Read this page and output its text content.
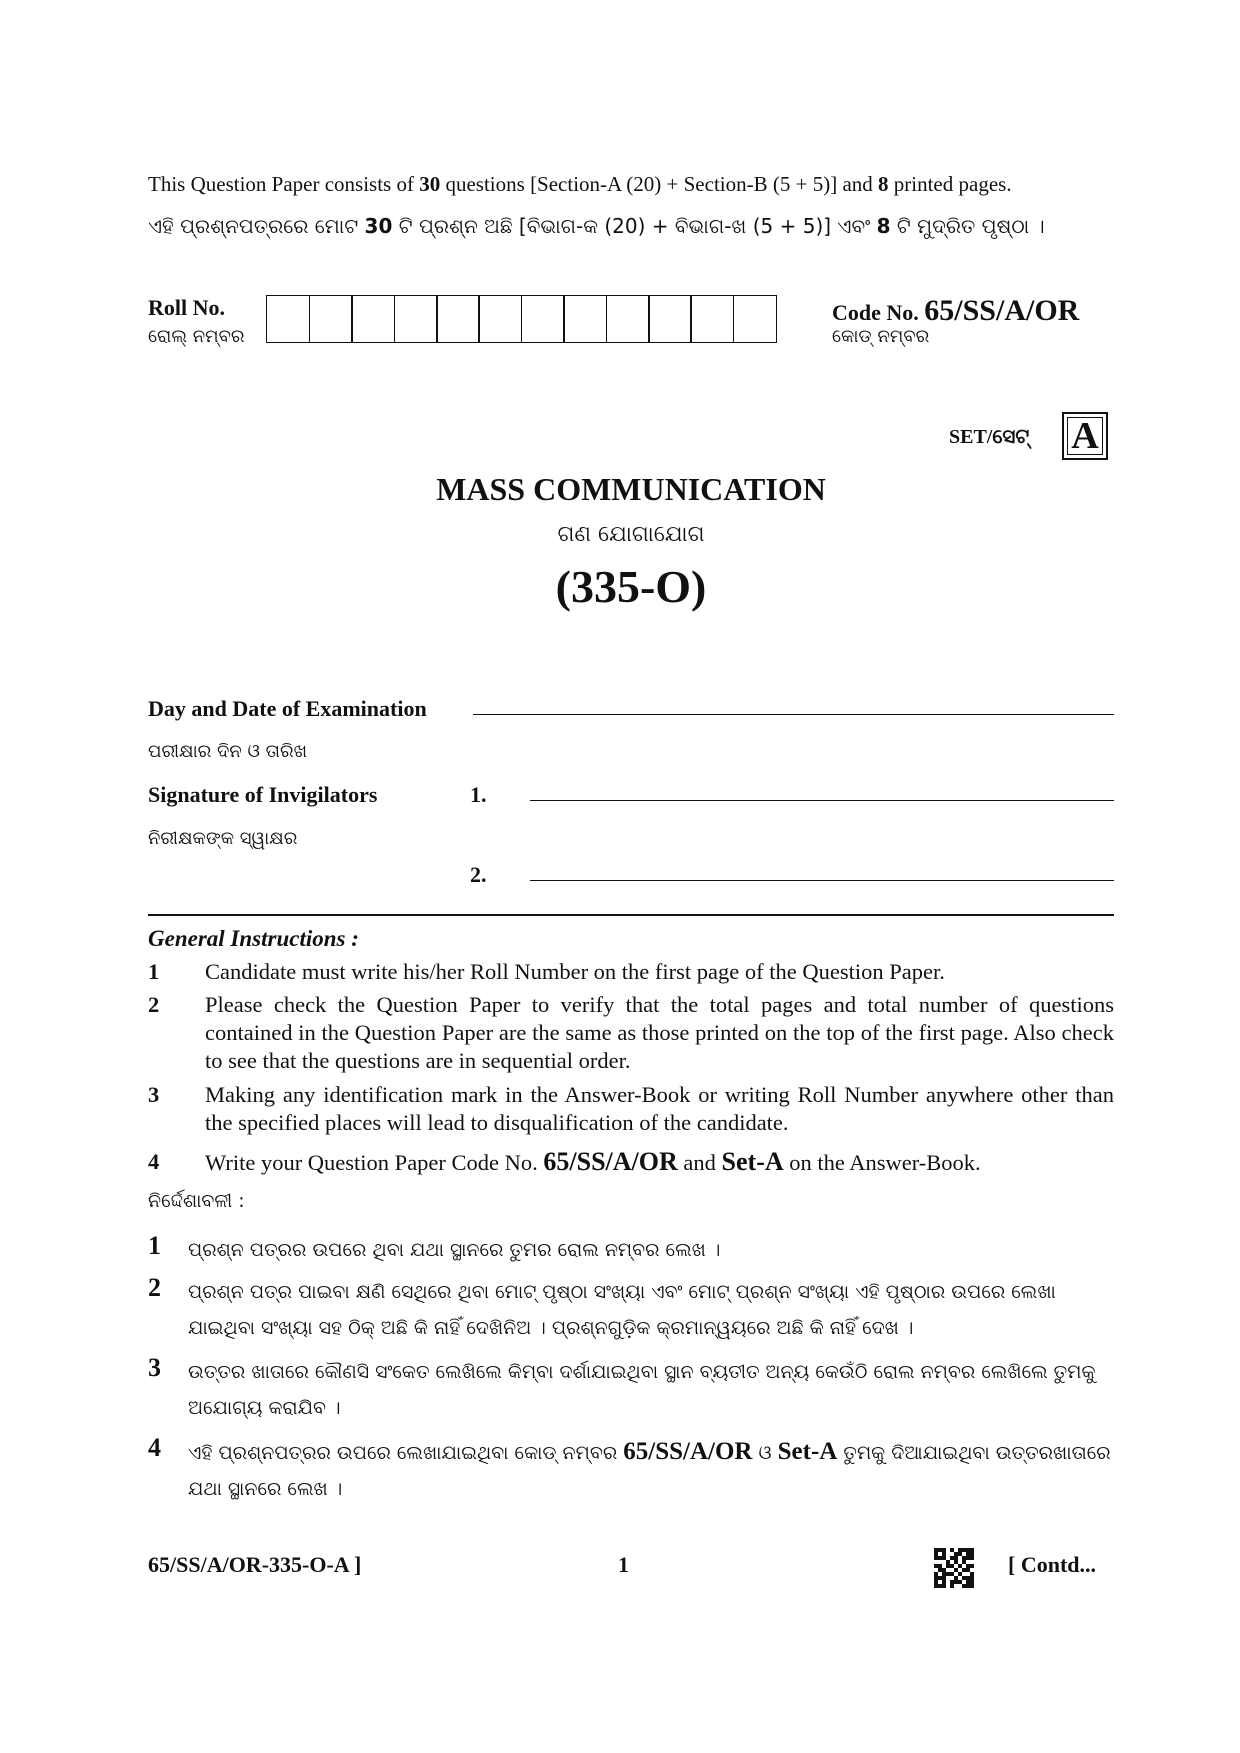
This Question Paper consists of 30 questions [Section-A (20) + Section-B (5 + 5)] and 8 printed pages.
ଏହି ପ୍ରଶ୍ନପତ୍ରରେ ମୋଟ 30 ଟି ପ୍ରଶ୍ନ ଅଛି [ବିଭାଗ-କ (20) + ବିଭାଗ-ଖ (5 + 5)] ଏବଂ 8 ଟି ମୁଦ୍ରିତ ପୃଷ୍ଠା ।
Roll No.
ରୋଲ୍ ନମ୍ବର
Code No. 65/SS/A/OR
କୋଡ୍ ନମ୍ବର
SET/ସେଟ୍ A
MASS COMMUNICATION
ଗଣ ଯୋଗାଯୋଗ
(335-O)
Day and Date of Examination
ପରୀକ୍ଷାର ଦିନ ଓ ତାରିଖ
Signature of Invigilators	1.
ନିରୀକ୍ଷକଙ୍କ ସ୍ୱାକ୍ଷର
2.
General Instructions :
1 Candidate must write his/her Roll Number on the first page of the Question Paper.
2 Please check the Question Paper to verify that the total pages and total number of questions contained in the Question Paper are the same as those printed on the top of the first page. Also check to see that the questions are in sequential order.
3 Making any identification mark in the Answer-Book or writing Roll Number anywhere other than the specified places will lead to disqualification of the candidate.
4 Write your Question Paper Code No. 65/SS/A/OR and Set-A on the Answer-Book.
ନିର୍ଦ୍ଦେଶାବଳୀ :
1 ପ୍ରଶ୍ନ ପତ୍ରର ଉପରେ ଥିବା ଯଥା ସ୍ଥାନରେ ତୁମର ରୋଲ ନମ୍ବର ଲେଖ ।
2 ପ୍ରଶ୍ନ ପତ୍ର ପାଇବା କ୍ଷଣି ସେଥିରେ ଥିବା ମୋଟ୍ ପୃଷ୍ଠା ସଂଖ୍ୟା ଏବଂ ମୋଟ୍ ପ୍ରଶ୍ନ ସଂଖ୍ୟା ଏହି ପୃଷ୍ଠାର ଉପରେ ଲେଖା ଯାଇଥିବା ସଂଖ୍ୟା ସହ ଠିକ୍ ଅଛି କି ନାହିଁ ଦେଖିନିଅ । ପ୍ରଶ୍ନଗୁଡ଼ିକ କ୍ରମାନ୍ୱୟରେ ଅଛି କି ନାହିଁ ଦେଖ ।
3 ଉତ୍ତର ଖାତାରେ କୌଣସି ସଂକେତ ଲେଖିଲେ କିମ୍ବା ଦର୍ଶାଯାଇଥିବା ସ୍ଥାନ ବ୍ୟତୀତ ଅନ୍ୟ କେଉଁଠି ରୋଲ ନମ୍ବର ଲେଖିଲେ ତୁମକୁ ଅଯୋଗ୍ୟ କରାଯିବ ।
4 ଏହି ପ୍ରଶ୍ନପତ୍ରର ଉପରେ ଲେଖାଯାଇଥିବା କୋଡ୍ ନମ୍ବର 65/SS/A/OR ଓ Set-A ତୁମକୁ ଦିଆଯାଇଥିବା ଉତ୍ତରଖାତାରେ ଯଥା ସ୍ଥାନରେ ଲେଖ ।
65/SS/A/OR-335-O-A ]	1	[ Contd...
